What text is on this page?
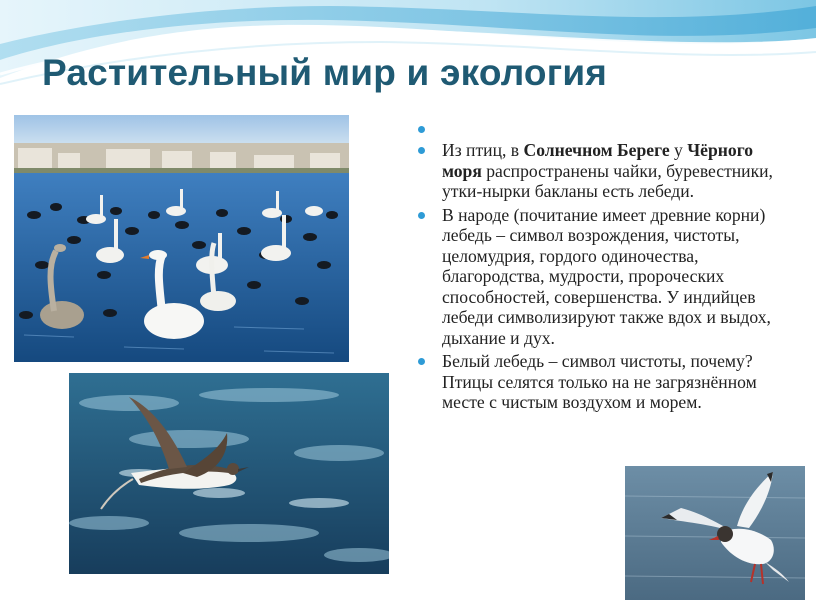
Растительный мир и экология
Из птиц, в Солнечном Береге у Чёрного моря распространены чайки, буревестники, утки-нырки бакланы есть лебеди.
В народе (почитание имеет древние корни) лебедь – символ возрождения, чистоты, целомудрия, гордого одиночества, благородства, мудрости, пророческих способностей, совершенства. У индийцев лебеди символизируют также вдох и выдох, дыхание и дух.
Белый лебедь – символ чистоты, почему? Птицы селятся только на не загрязнённом месте с чистым воздухом и морем.
